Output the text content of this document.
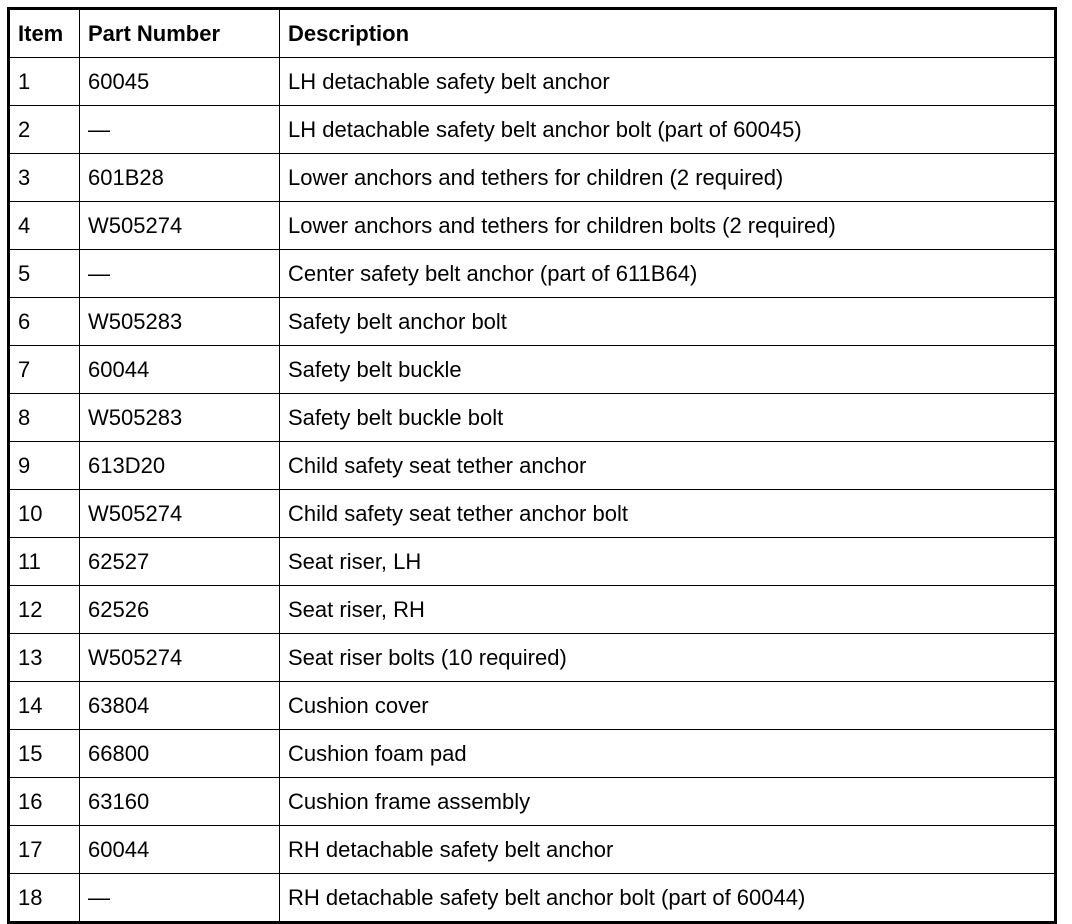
Item	Part Number	Description
1	60045	LH detachable safety belt anchor
2	—	LH detachable safety belt anchor bolt (part of 60045)
3	601B28	Lower anchors and tethers for children (2 required)
4	W505274	Lower anchors and tethers for children bolts (2 required)
5	—	Center safety belt anchor (part of 611B64)
6	W505283	Safety belt anchor bolt
7	60044	Safety belt buckle
8	W505283	Safety belt buckle bolt
9	613D20	Child safety seat tether anchor
10	W505274	Child safety seat tether anchor bolt
11	62527	Seat riser, LH
12	62526	Seat riser, RH
13	W505274	Seat riser bolts (10 required)
14	63804	Cushion cover
15	66800	Cushion foam pad
16	63160	Cushion frame assembly
17	60044	RH detachable safety belt anchor
18	—	RH detachable safety belt anchor bolt (part of 60044)
